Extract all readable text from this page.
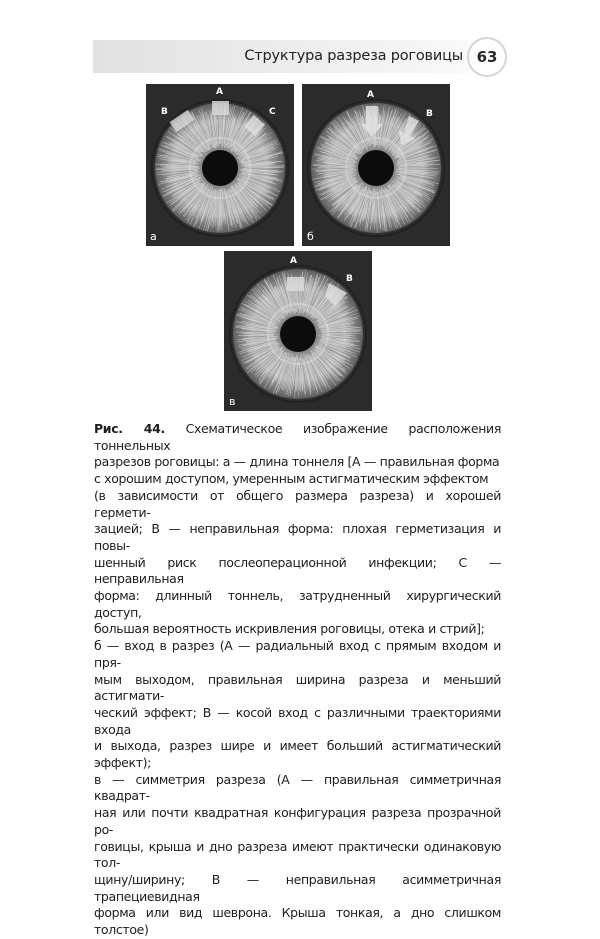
Структура разреза роговицы 63
A
B	C
а
A
B
б
A
B
в
Рис. 44. Схематическое изображение расположения тоннельных
разрезов роговицы: а — длина тоннеля [А — правильная форма
с хорошим доступом, умеренным астигматическим эффектом
(в зависимости от общего размера разреза) и хорошей гермети-
зацией; В — неправильная форма: плохая герметизация и повы-
шенный риск послеоперационной инфекции; С — неправильная
форма: длинный тоннель, затрудненный хирургический доступ,
большая вероятность искривления роговицы, отека и стрий];
б — вход в разрез (А — радиальный вход с прямым входом и пря-
мым выходом, правильная ширина разреза и меньший астигмати-
ческий эффект; В — косой вход с различными траекториями входа
и выхода, разрез шире и имеет больший астигматический эффект);
в — симметрия разреза (А — правильная симметричная квадрат-
ная или почти квадратная конфигурация разреза прозрачной ро-
говицы, крыша и дно разреза имеют практически одинаковую тол-
щину/ширину; В — неправильная асимметричная трапециевидная
форма или вид шеврона. Крыша тонкая, а дно слишком толстое)
